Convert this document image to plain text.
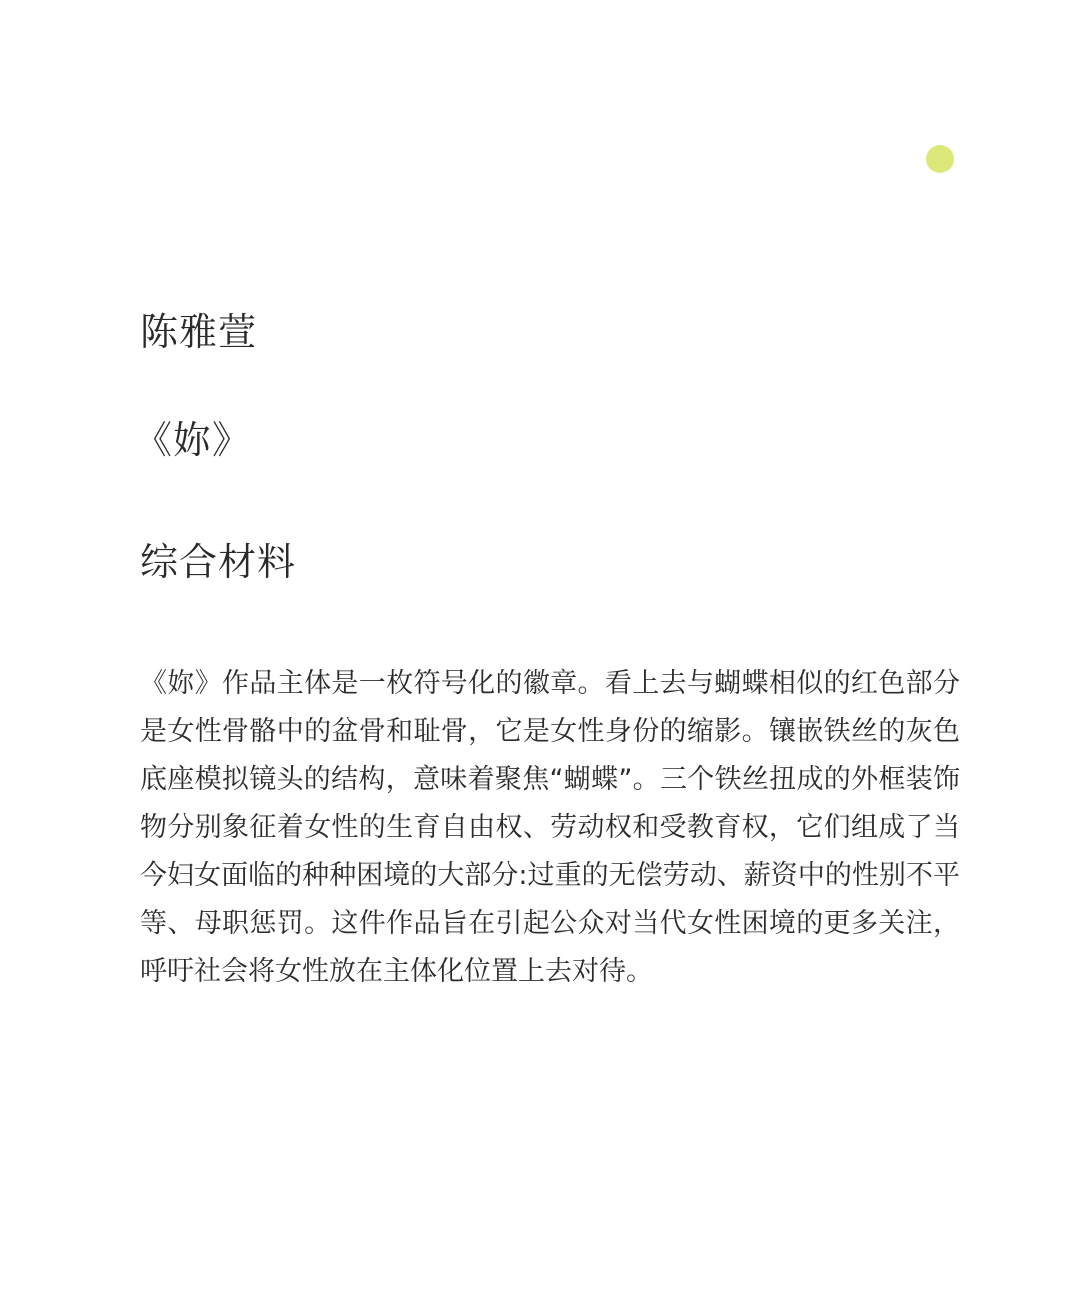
陈雅萱
《妳》
综合材料

《妳》作品主体是一枚符号化的徽章。看上去与蝴蝶相似的红色部分是女性骨骼中的盆骨和耻骨，它是女性身份的缩影。镶嵌铁丝的灰色底座模拟镜头的结构，意味着聚焦“蝴蝶”。三个铁丝扭成的外框装饰物分别象征着女性的生育自由权、劳动权和受教育权，它们组成了当今妇女面临的种种困境的大部分:过重的无偿劳动、薪资中的性别不平等、母职惩罚。这件作品旨在引起公众对当代女性困境的更多关注，呼吁社会将女性放在主体化位置上去对待。
